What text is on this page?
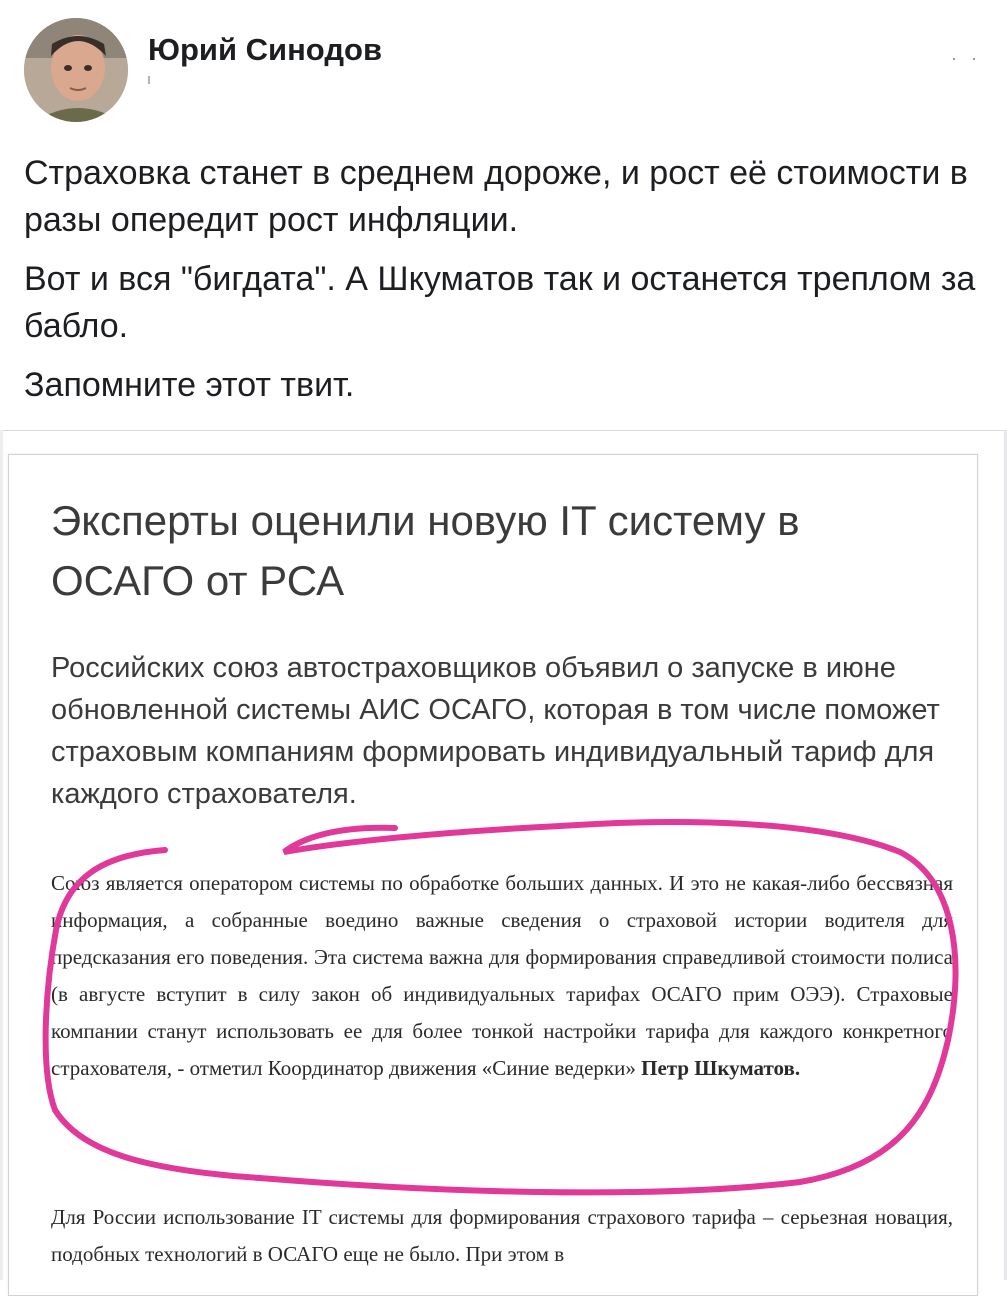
Юрий Синодов

Страховка станет в среднем дороже, и рост её стоимости в разы опередит рост инфляции.

Вот и вся "бигдата". А Шкуматов так и останется треплом за бабло.

Запомните этот твит.

Эксперты оценили новую IT систему в ОСАГО от РСА
Российских союз автостраховщиков объявил о запуске в июне обновленной системы АИС ОСАГО, которая в том числе поможет страховым компаниям формировать индивидуальный тариф для каждого страхователя.
Союз является оператором системы по обработке больших данных. И это не какая-либо бессвязная информация, а собранные воедино важные сведения о страховой истории водителя для предсказания его поведения. Эта система важна для формирования справедливой стоимости полиса (в августе вступит в силу закон об индивидуальных тарифах ОСАГО прим ОЭЭ). Страховые компании станут использовать ее для более тонкой настройки тарифа для каждого конкретного страхователя, - отметил Координатор движения «Синие ведерки» Петр Шкуматов.
Для России использование IT системы для формирования страхового тарифа – серьезная новация, подобных технологий в ОСАГО еще не было. При этом в
